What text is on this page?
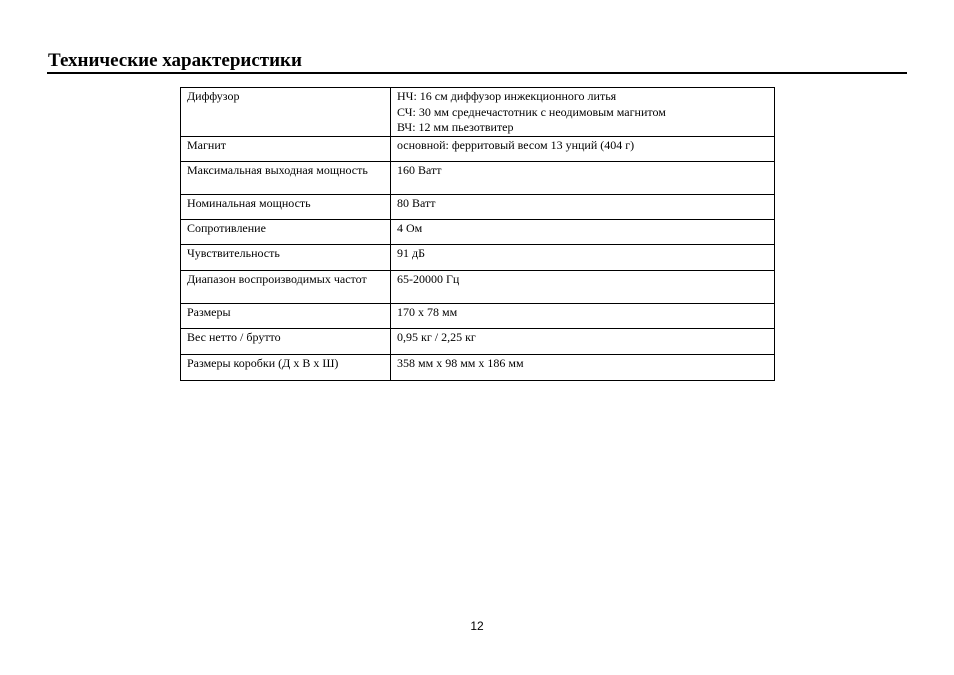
Технические характеристики
Диффузор	НЧ: 16 см диффузор инжекционного литья
СЧ: 30 мм среднечастотник с неодимовым магнитом
ВЧ: 12 мм пьезотвитер

Магнит	основной: ферритовый весом 13 унций (404 г)
Максимальная выходная мощность	160 Ватт
Номинальная мощность	80 Ватт
Сопротивление	4 Ом
Чувствительность	91 дБ
Диапазон воспроизводимых частот	65-20000 Гц
Размеры	170 х 78 мм
Вес нетто / брутто	0,95 кг / 2,25 кг
Размеры коробки (Д х В х Ш)	358 мм х 98 мм х 186 мм
12
